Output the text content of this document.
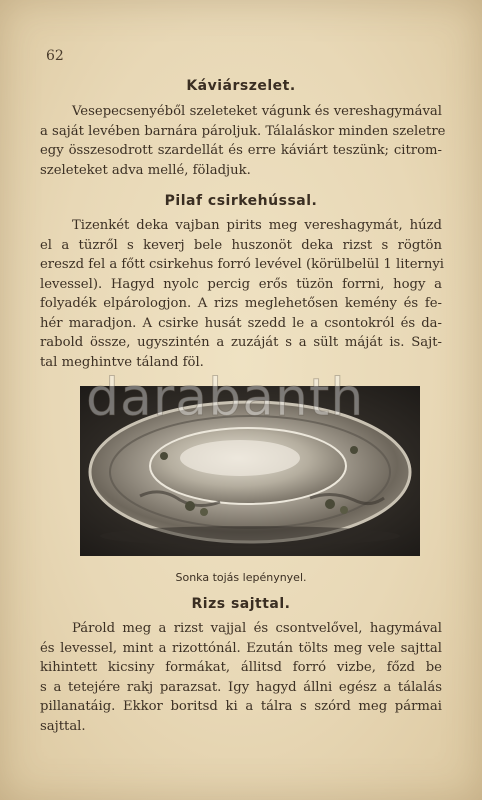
62
Káviárszelet.
Vesepecsenyéből szeleteket vágunk és vereshagymával
a saját levében barnára pároljuk. Tálaláskor minden szeletre
egy összesodrott szardellát és erre káviárt teszünk; citrom-
szeleteket adva mellé, föladjuk.
Pilaf csirkehússal.
Tizenkét deka vajban pirits meg vereshagymát, húzd
el a tüzről s keverj bele huszonöt deka rizst s rögtön
ereszd fel a főtt csirkehus forró levével (körülbelül 1 liternyi
levessel). Hagyd nyolc percig erős tüzön forrni, hogy a
folyadék elpárologjon. A rizs meglehetősen kemény és fe-
hér maradjon. A csirke husát szedd le a csontokról és da-
rabold össze, ugyszintén a zuzáját s a sült máját is. Sajt-
tal meghintve táland föl.
darabanth
Sonka tojás lepénynyel.
Rizs sajttal.
Párold meg a rizst vajjal és csontvelővel, hagymával
és levessel, mint a rizottónál. Ezután tölts meg vele sajttal
kihintett kicsiny formákat, állitsd forró vizbe, főzd be
s a tetejére rakj parazsat. Igy hagyd állni egész a tálalás
pillanatáig. Ekkor boritsd ki a tálra s szórd meg pármai
sajttal.
